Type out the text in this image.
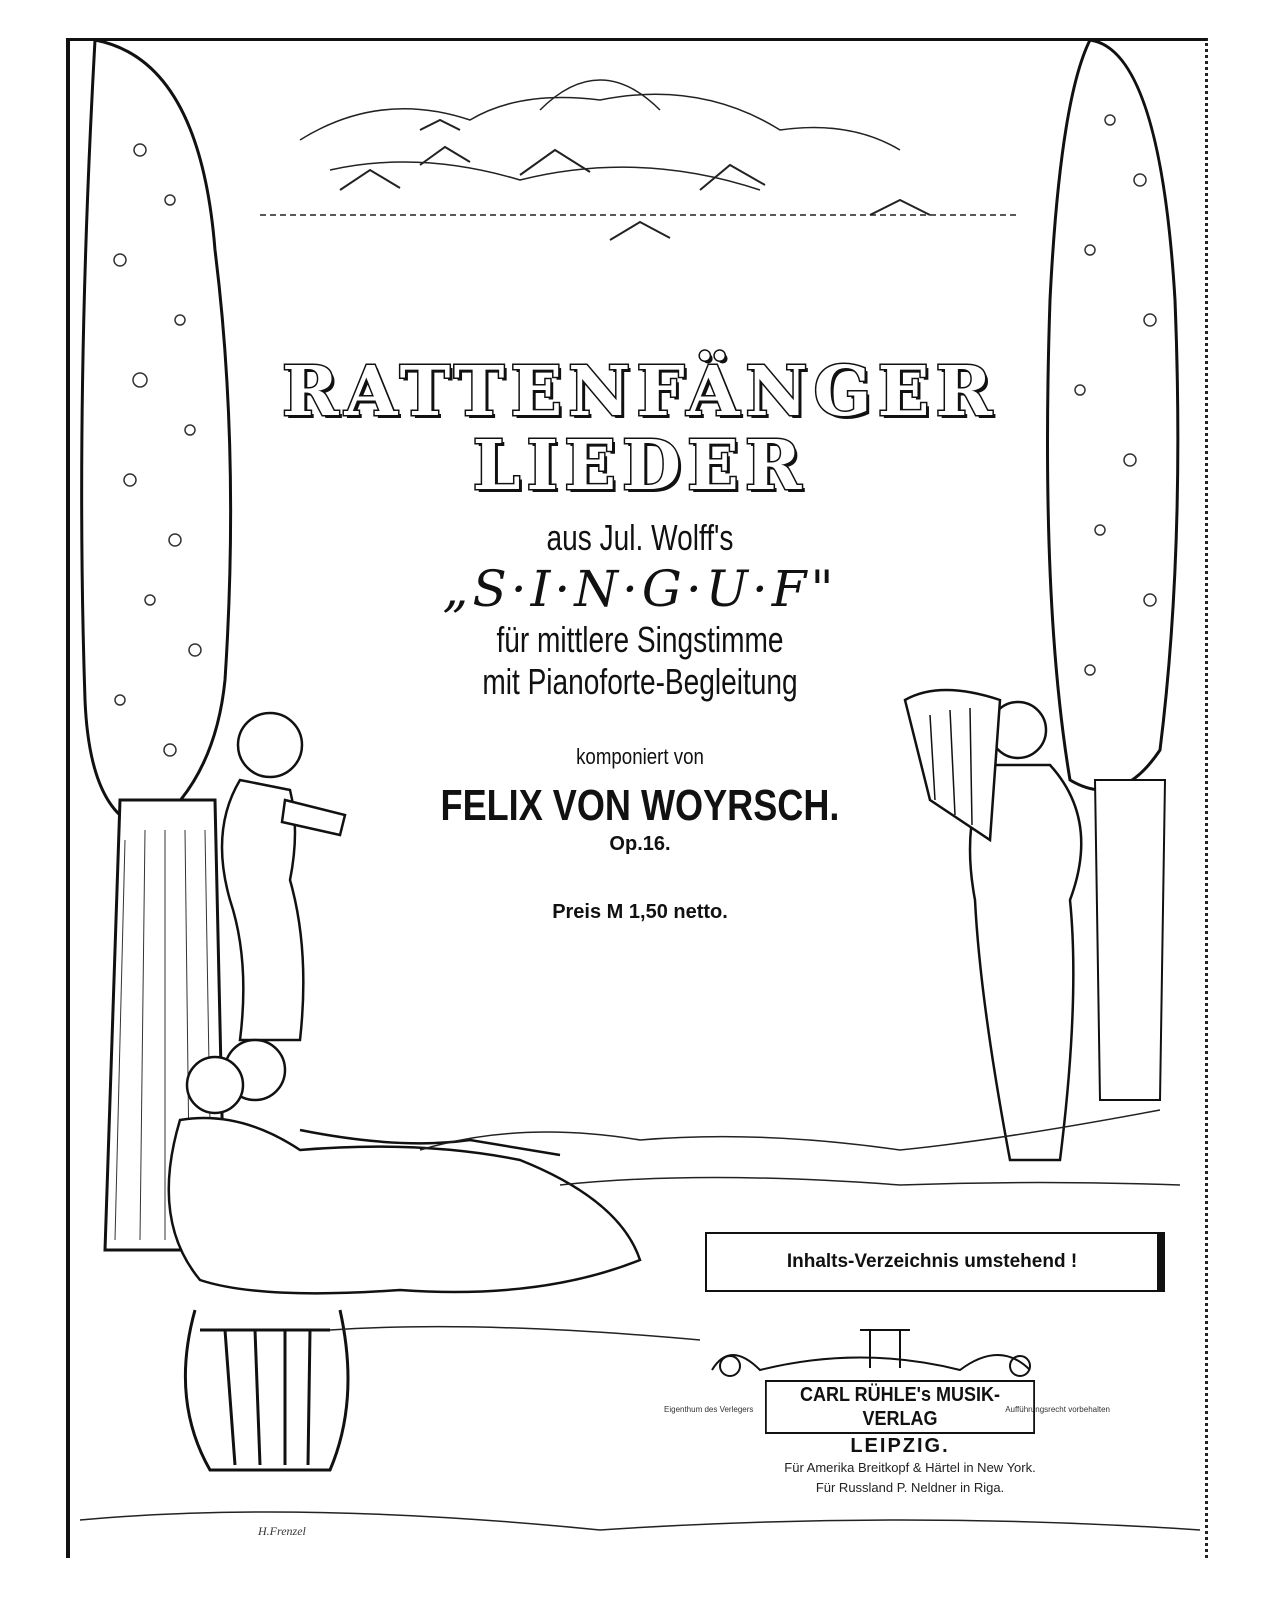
RATTENFÄNGER
LIEDER
aus Jul. Wolff's
„S·I·N·G·U·F"
für mittlere Singstimme
mit Pianoforte-Begleitung
komponiert von
FELIX VON WOYRSCH.
Op.16.
Preis M 1,50 netto.
Inhalts-Verzeichnis umstehend !
Eigenthum des Verlegers	Aufführungsrecht vorbehalten
CARL RÜHLE's MUSIK-VERLAG
LEIPZIG.
Für Amerika Breitkopf & Härtel in New York.
Für Russland P. Neldner in Riga.
H.Frenzel
